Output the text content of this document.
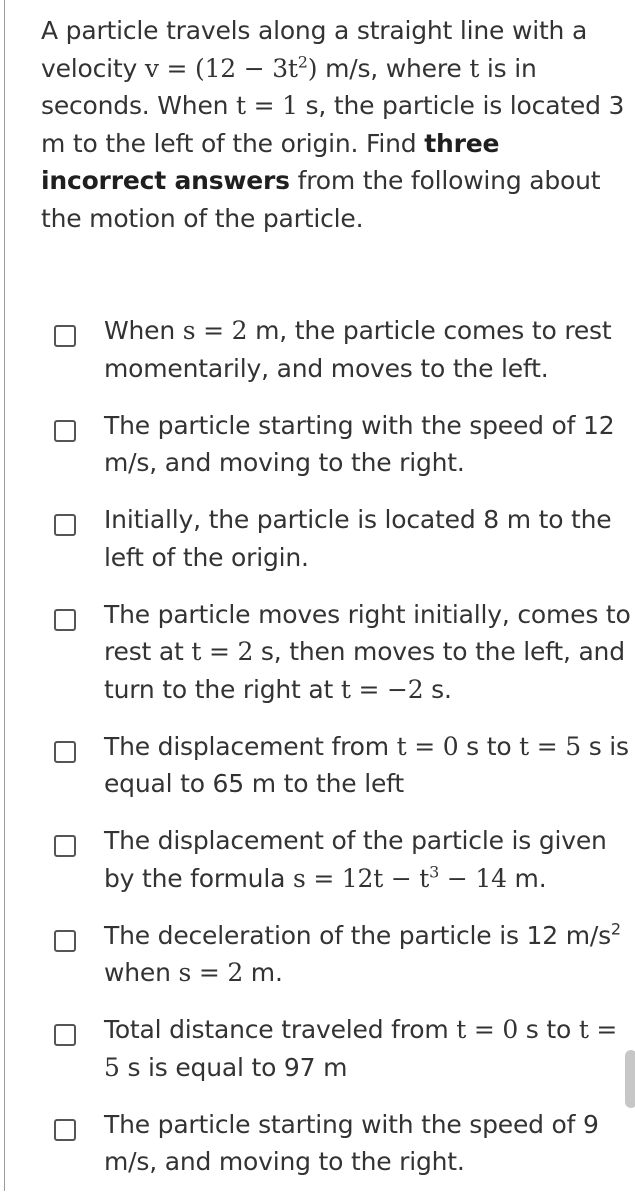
A particle travels along a straight line with a velocity $v = (12 - 3t^2)$ m/s, where t is in seconds. When t = 1 s, the particle is located 3 m to the left of the origin. Find three incorrect answers from the following about the motion of the particle.
When s = 2 m, the particle comes to rest momentarily, and moves to the left.
The particle starting with the speed of 12 m/s, and moving to the right.
Initially, the particle is located 8 m to the left of the origin.
The particle moves right initially, comes to rest at t = 2 s, then moves to the left, and turn to the right at t = −2 s.
The displacement from t = 0 s to t = 5 s is equal to 65 m to the left
The displacement of the particle is given by the formula $s = 12t - t^3 - 14$ m.
The deceleration of the particle is 12 $m/s^2$ when s = 2 m.
Total distance traveled from t = 0 s to t = 5 s is equal to 97 m
The particle starting with the speed of 9 m/s, and moving to the right.
